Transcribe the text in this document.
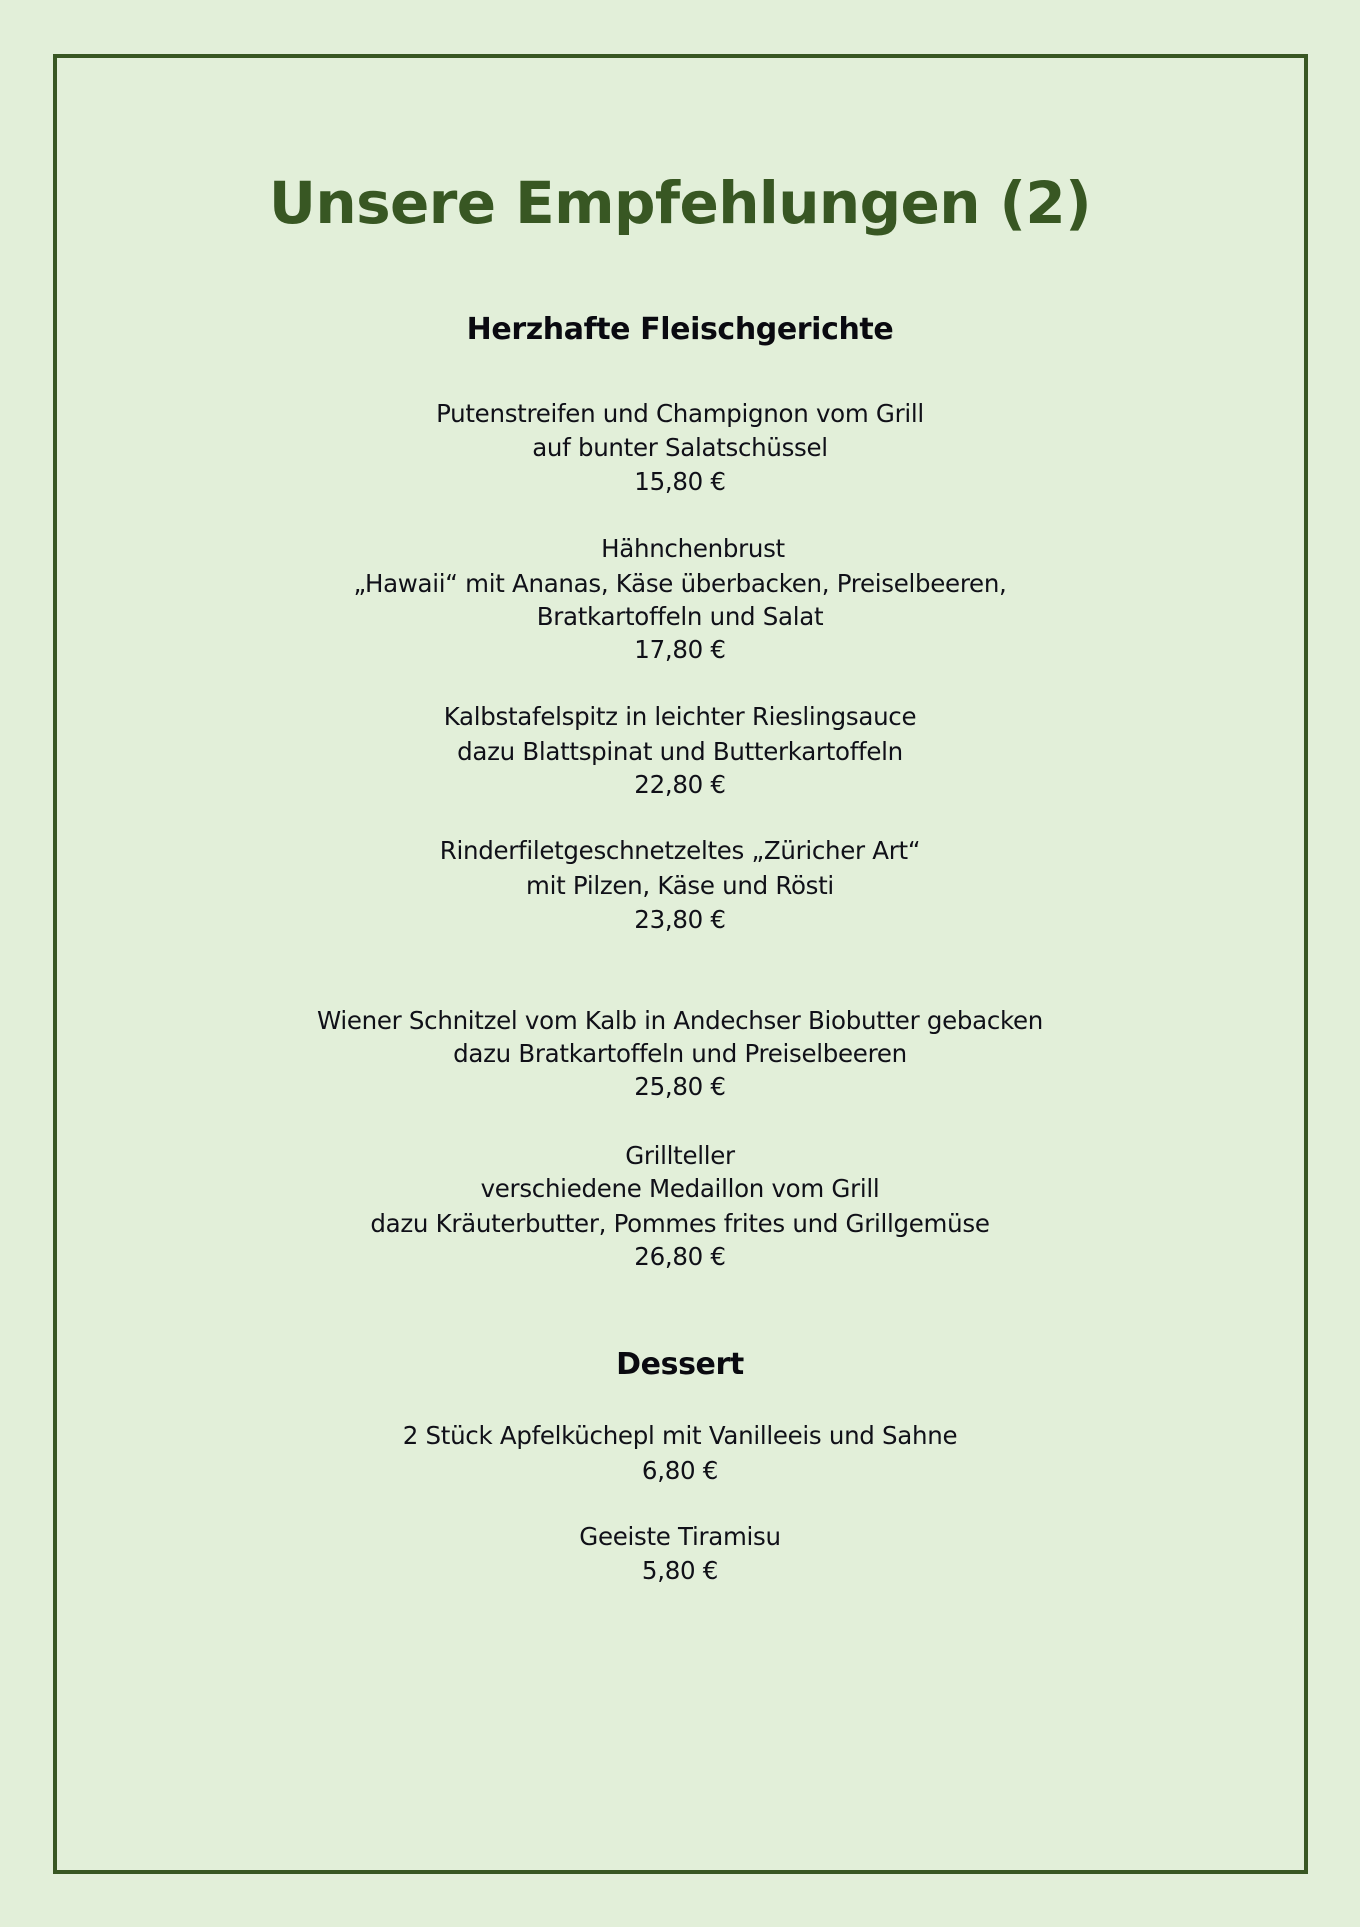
Unsere Empfehlungen (2)
Herzhafte Fleischgerichte
Putenstreifen und Champignon vom Grill
auf bunter Salatschüssel
15,80 €
Hähnchenbrust
„Hawaii“ mit Ananas, Käse überbacken, Preiselbeeren,
Bratkartoffeln und Salat
17,80 €
Kalbstafelspitz in leichter Rieslingsauce
dazu Blattspinat und Butterkartoffeln
22,80 €
Rinderfiletgeschnetzeltes „Züricher Art“
mit Pilzen, Käse und Rösti
23,80 €
Wiener Schnitzel vom Kalb in Andechser Biobutter gebacken
dazu Bratkartoffeln und Preiselbeeren
25,80 €
Grillteller
verschiedene Medaillon vom Grill
dazu Kräuterbutter, Pommes frites und Grillgemüse
26,80 €
Dessert
2 Stück Apfelküchерl mit Vanilleeis und Sahne
6,80 €
Geeiste Tiramisu
5,80 €
